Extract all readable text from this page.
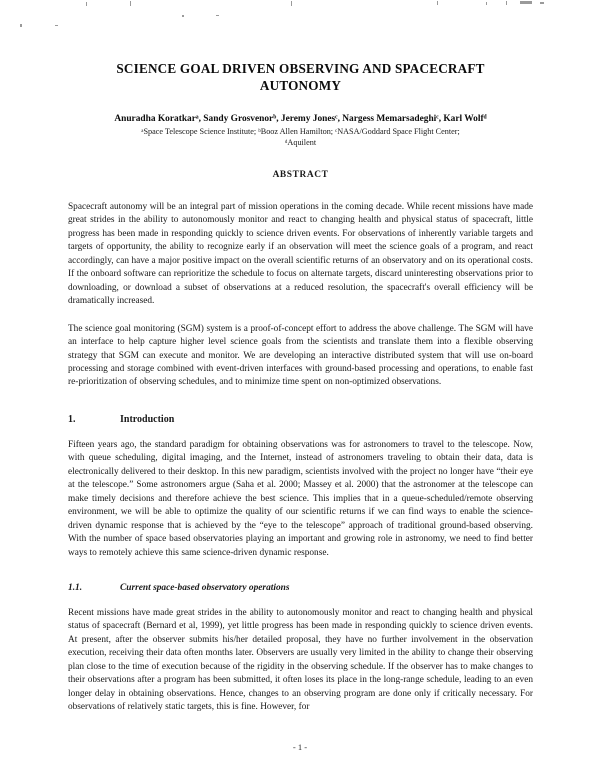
SCIENCE GOAL DRIVEN OBSERVING AND SPACECRAFT AUTONOMY
Anuradha Koratkarᵃ, Sandy Grosvenorᵇ, Jeremy Jonesᶜ, Nargess Memarsadeghiᶜ, Karl Wolfᵈ
ᵃSpace Telescope Science Institute; ᵇBooz Allen Hamilton; ᶜNASA/Goddard Space Flight Center;
ᵈAquilent
ABSTRACT

Spacecraft autonomy will be an integral part of mission operations in the coming decade. While recent missions have made great strides in the ability to autonomously monitor and react to changing health and physical status of spacecraft, little progress has been made in responding quickly to science driven events. For observations of inherently variable targets and targets of opportunity, the ability to recognize early if an observation will meet the science goals of a program, and react accordingly, can have a major positive impact on the overall scientific returns of an observatory and on its operational costs. If the onboard software can reprioritize the schedule to focus on alternate targets, discard uninteresting observations prior to downloading, or download a subset of observations at a reduced resolution, the spacecraft's overall efficiency will be dramatically increased.

The science goal monitoring (SGM) system is a proof-of-concept effort to address the above challenge. The SGM will have an interface to help capture higher level science goals from the scientists and translate them into a flexible observing strategy that SGM can execute and monitor. We are developing an interactive distributed system that will use on-board processing and storage combined with event-driven interfaces with ground-based processing and operations, to enable fast re-prioritization of observing schedules, and to minimize time spent on non-optimized observations.

1.	Introduction

Fifteen years ago, the standard paradigm for obtaining observations was for astronomers to travel to the telescope. Now, with queue scheduling, digital imaging, and the Internet, instead of astronomers traveling to obtain their data, data is electronically delivered to their desktop. In this new paradigm, scientists involved with the project no longer have “their eye at the telescope.” Some astronomers argue (Saha et al. 2000; Massey et al. 2000) that the astronomer at the telescope can make timely decisions and therefore achieve the best science. This implies that in a queue-scheduled/remote observing environment, we will be able to optimize the quality of our scientific returns if we can find ways to enable the science-driven dynamic response that is achieved by the “eye to the telescope” approach of traditional ground-based observing. With the number of space based observatories playing an important and growing role in astronomy, we need to find better ways to remotely achieve this same science-driven dynamic response.

1.1.	Current space-based observatory operations

Recent missions have made great strides in the ability to autonomously monitor and react to changing health and physical status of spacecraft (Bernard et al, 1999), yet little progress has been made in responding quickly to science driven events. At present, after the observer submits his/her detailed proposal, they have no further involvement in the observation execution, receiving their data often months later. Observers are usually very limited in the ability to change their observing plan close to the time of execution because of the rigidity in the observing schedule. If the observer has to make changes to their observations after a program has been submitted, it often loses its place in the long-range schedule, leading to an even longer delay in obtaining observations. Hence, changes to an observing program are done only if critically necessary. For observations of relatively static targets, this is fine. However, for

- 1 -
